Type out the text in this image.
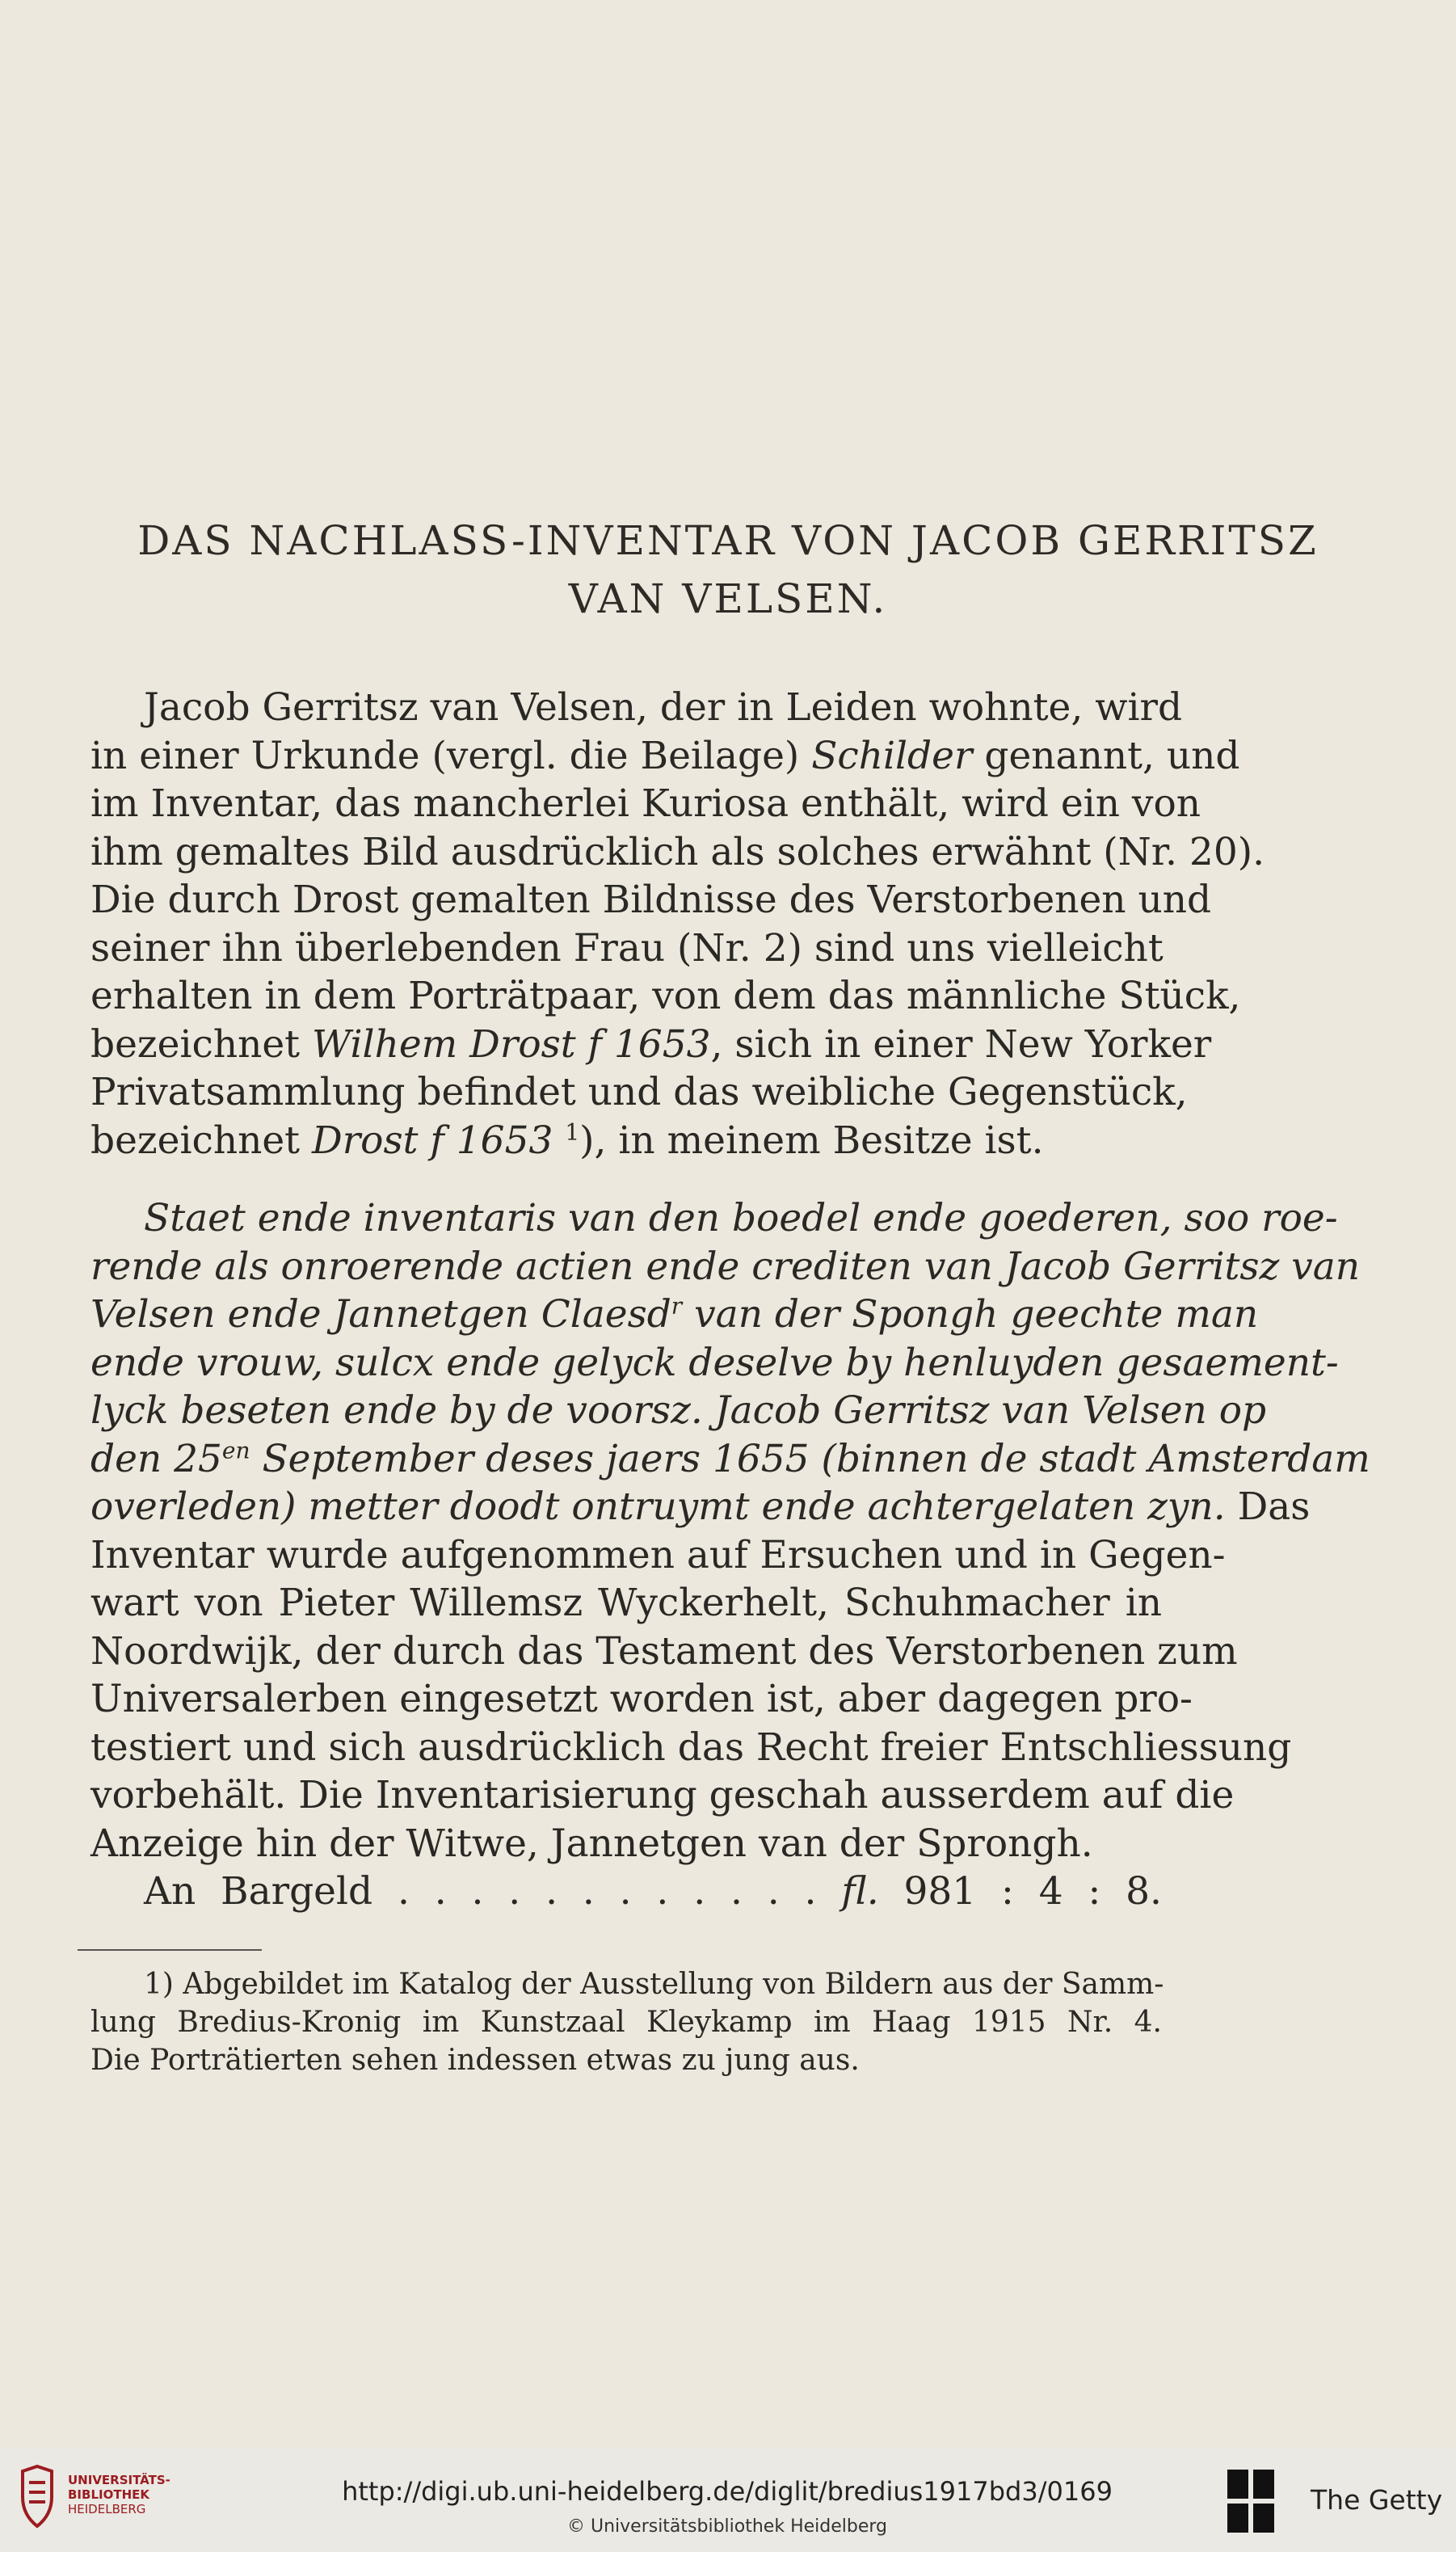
DAS NACHLASS-INVENTAR VON JACOB GERRITSZ
VAN VELSEN.
Jacob Gerritsz van Velsen, der in Leiden wohnte, wird
in einer Urkunde (vergl. die Beilage) Schilder genannt, und
im Inventar, das mancherlei Kuriosa enthält, wird ein von
ihm gemaltes Bild ausdrücklich als solches erwähnt (Nr. 20).
Die durch Drost gemalten Bildnisse des Verstorbenen und
seiner ihn überlebenden Frau (Nr. 2) sind uns vielleicht
erhalten in dem Porträtpaar, von dem das männliche Stück,
bezeichnet Wilhem Drost f 1653, sich in einer New Yorker
Privatsammlung befindet und das weibliche Gegenstück,
bezeichnet Drost f 1653 $^1$), in meinem Besitze ist.
Staet ende inventaris van den boedel ende goederen, soo roe-
rende als onroerende actien ende crediten van Jacob Gerritsz van
Velsen ende Jannetgen Claesd$^r$ van der Spongh geechte man
ende vrouw, sulcx ende gelyck deselve by henluyden gesaement-
lyck beseten ende by de voorsz. Jacob Gerritsz van Velsen op
den $25^{en}$ September deses jaers 1655 (binnen de stadt Amsterdam
overleden) metter doodt ontruymt ende achtergelaten zyn. Das
Inventar wurde aufgenommen auf Ersuchen und in Gegen-
wart von Pieter Willemsz Wyckerhelt, Schuhmacher in
Noordwijk, der durch das Testament des Verstorbenen zum
Universalerben eingesetzt worden ist, aber dagegen pro-
testiert und sich ausdrücklich das Recht freier Entschliessung
vorbehält. Die Inventarisierung geschah ausserdem auf die
Anzeige hin der Witwe, Jannetgen van der Sprongh.
An Bargeld . . . . . . . . . . . . fl. 981 : 4 : 8.
1) Abgebildet im Katalog der Ausstellung von Bildern aus der Samm-
lung Bredius-Kronig im Kunstzaal Kleykamp im Haag 1915 Nr. 4.
Die Porträtierten sehen indessen etwas zu jung aus.
UNIVERSITÄTS-
BIBLIOTHEK
HEIDELBERG
http://digi.ub.uni-heidelberg.de/diglit/bredius1917bd3/0169
© Universitätsbibliothek Heidelberg
The Getty
